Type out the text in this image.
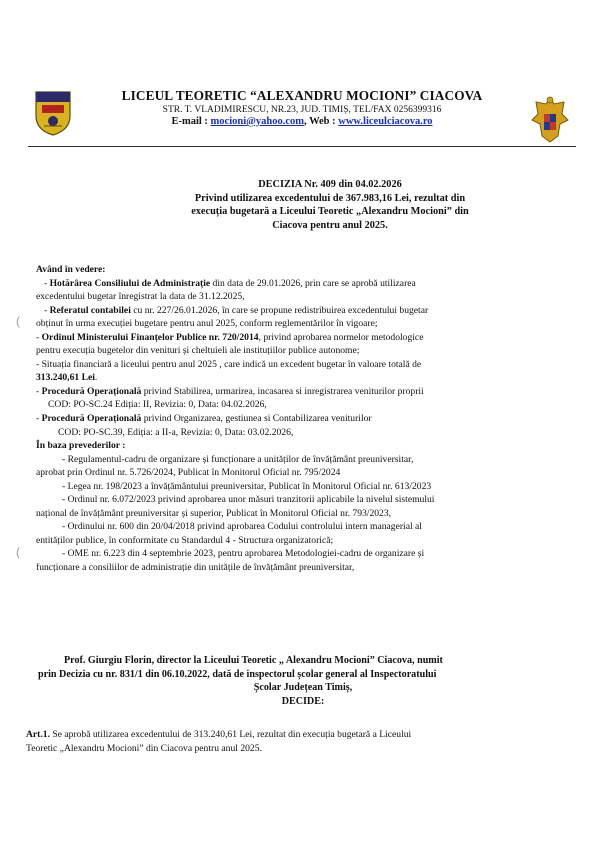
LICEUL TEORETIC “ALEXANDRU MOCIONI” CIACOVA
STR. T. VLADIMIRESCU, NR.23, JUD. TIMIȘ, TEL/FAX 0256399316
E-mail : mocioni@yahoo.com, Web : www.liceulciacova.ro
DECIZIA Nr. 409 din 04.02.2026
Privind utilizarea excedentului de 367.983,16 Lei, rezultat din
execuția bugetară a Liceului Teoretic „Alexandru Mocioni” din
Ciacova pentru anul 2025.
(
(

Având în vedere:

- Hotărârea Consiliului de Administrație din data de 29.01.2026, prin care se aprobă utilizarea

excedentului bugetar înregistrat la data de 31.12.2025,

- Referatul contabilei cu nr. 227/26.01.2026, în care se propune redistribuirea excedentului bugetar

obținut în urma execuției bugetare pentru anul 2025, conform reglementărilor în vigoare;

- Ordinul Ministerului Finanțelor Publice nr. 720/2014, privind aprobarea normelor metodologice

pentru execuția bugetelor din venituri și cheltuieli ale instituțiilor publice autonome;

- Situația financiară a liceului pentru anul 2025 , care indică un excedent bugetar în valoare totală de

313.240,61 Lei.

- Procedură Operațională privind Stabilirea, urmarirea, incasarea si inregistrarea veniturilor proprii

COD: PO-SC.24 Ediția: II, Revizia: 0, Data: 04.02.2026,

- Procedură Operațională privind Organizarea, gestiunea si Contabilizarea veniturilor

COD: PO-SC.39, Ediția: a II-a, Revizia: 0, Data: 03.02.2026,

În baza prevederilor :

- Regulamentul-cadru de organizare și funcționare a unităților de învățământ preuniversitar,

aprobat prin Ordinul nr. 5.726/2024, Publicat în Monitorul Oficial nr. 795/2024

- Legea nr. 198/2023 a învățământului preuniversitar, Publicat în Monitorul Oficial nr. 613/2023

- Ordinul nr. 6.072/2023 privind aprobarea unor măsuri tranzitorii aplicabile la nivelul sistemului

național de învățământ preuniversitar și superior, Publicat în Monitorul Oficial nr. 793/2023,

- Ordinului nr. 600 din 20/04/2018 privind aprobarea Codului controlului intern managerial al

entităților publice, în conformitate cu Standardul 4 - Structura organizatorică;

- OME nr. 6.223 din 4 septembrie 2023, pentru aprobarea Metodologiei-cadru de organizare și

funcționare a consiliilor de administrație din unitățile de învățământ preuniversitar,

Prof. Giurgiu Florin, director la Liceului Teoretic „ Alexandru Mocioni” Ciacova, numit
prin Decizia cu nr. 831/1 din 06.10.2022, dată de inspectorul școlar general al Inspectoratului
Școlar Județean Timiș,
DECIDE:

Art.1. Se aprobă utilizarea excedentului de 313.240,61 Lei, rezultat din execuția bugetară a Liceului

Teoretic „Alexandru Mocioni” din Ciacova pentru anul 2025.
